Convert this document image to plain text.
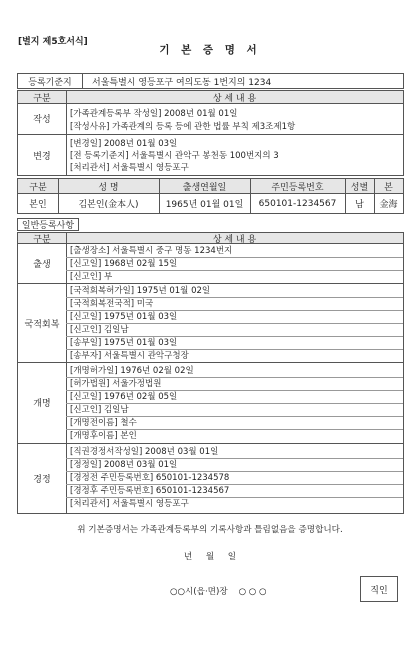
[별지 제5호서식]
기 본 증 명 서
등록기준지	서울특별시 영등포구 여의도동 1번지의 1234
구분	상 세 내 용
작성
[가족관계등록부 작성일] 2008년 01월 01일
[작성사유] 가족관계의 등록 등에 관한 법률 부칙 제3조제1항
변경
[변경일] 2008년 01월 03일
[전 등록기준지] 서울특별시 관악구 봉천동 100번지의 3
[처리관서] 서울특별시 영등포구
구분	성 명	출생연월일	주민등록번호	성별	본
본인	김본인(金本人)	1965년 01월 01일	650101-1234567	남	金海
일반등록사항
구분	상 세 내 용
출생
[출생장소] 서울특별시 중구 명동 1234번지
[신고일] 1968년 02월 15일
[신고인] 부
국적회복
[국적회복허가일] 1975년 01월 02일
[국적회복전국적] 미국
[신고일] 1975년 01월 03일
[신고인] 김일남
[송부일] 1975년 01월 03일
[송부자] 서울특별시 관악구청장
개명
[개명허가일] 1976년 02월 02일
[허가법원] 서울가정법원
[신고일] 1976년 02월 05일
[신고인] 김일남
[개명전이름] 철수
[개명후이름] 본인
경정
[직권경정서작성일] 2008년 03월 01일
[정정일] 2008년 03월 01일
[경정전 주민등록번호] 650101-1234578
[경정후 주민등록번호] 650101-1234567
[처리관서] 서울특별시 영등포구
위 기본증명서는 가족관계등록부의 기록사항과 틀림없음을 증명합니다.
년     월     일
○○시(읍·면)장    ○ ○ ○	직인
